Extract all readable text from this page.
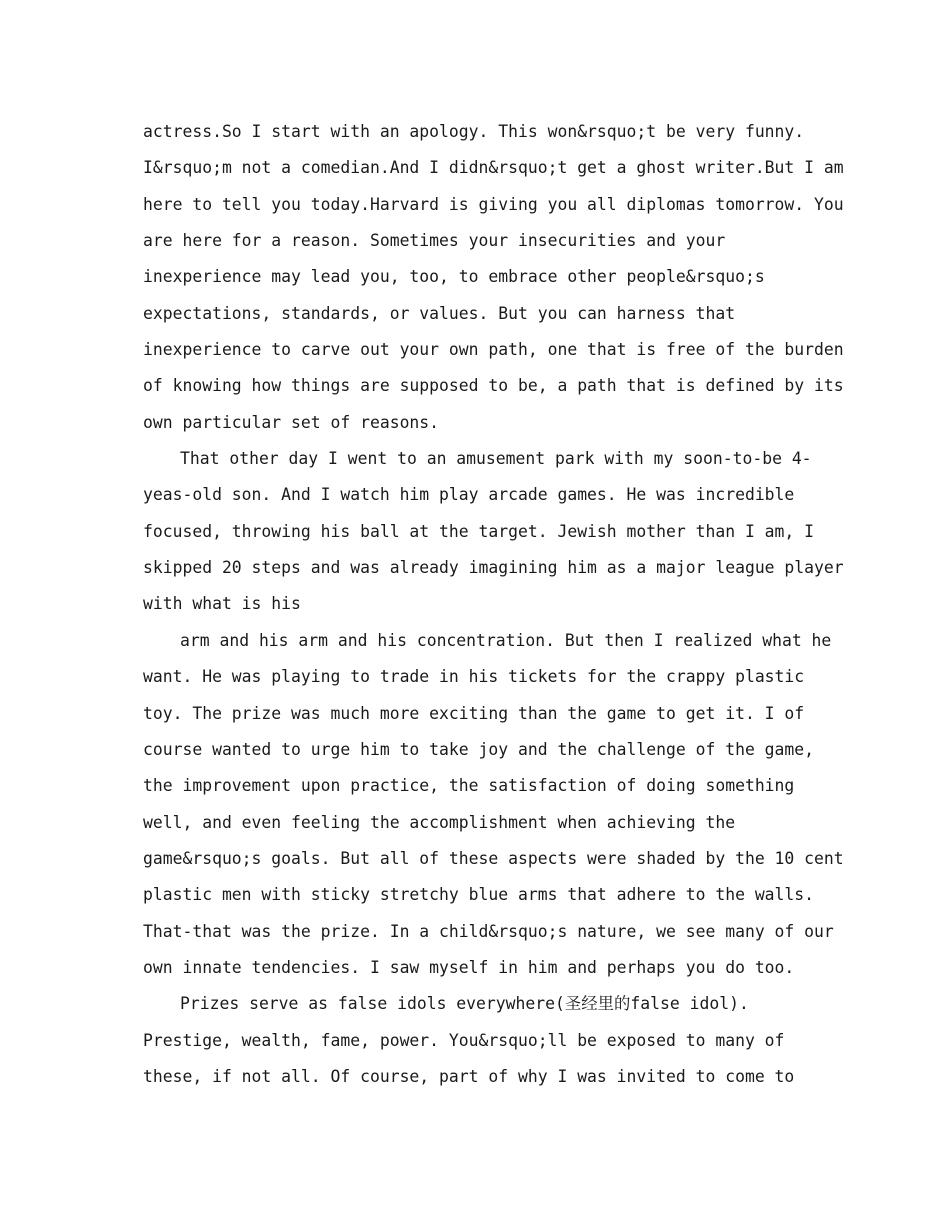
actress.So I start with an apology. This won&rsquo;t be very funny.
I&rsquo;m not a comedian.And I didn&rsquo;t get a ghost writer.But I am
here to tell you today.Harvard is giving you all diplomas tomorrow. You
are here for a reason. Sometimes your insecurities and your
inexperience may lead you, too, to embrace other people&rsquo;s
expectations, standards, or values. But you can harness that
inexperience to carve out your own path, one that is free of the burden
of knowing how things are supposed to be, a path that is defined by its
own particular set of reasons.
That other day I went to an amusement park with my soon-to-be 4-
yeas-old son. And I watch him play arcade games. He was incredible
focused, throwing his ball at the target. Jewish mother than I am, I
skipped 20 steps and was already imagining him as a major league player
with what is his
arm and his arm and his concentration. But then I realized what he
want. He was playing to trade in his tickets for the crappy plastic
toy. The prize was much more exciting than the game to get it. I of
course wanted to urge him to take joy and the challenge of the game,
the improvement upon practice, the satisfaction of doing something
well, and even feeling the accomplishment when achieving the
game&rsquo;s goals. But all of these aspects were shaded by the 10 cent
plastic men with sticky stretchy blue arms that adhere to the walls.
That-that was the prize. In a child&rsquo;s nature, we see many of our
own innate tendencies. I saw myself in him and perhaps you do too.
Prizes serve as false idols everywhere(圣经里的false idol).
Prestige, wealth, fame, power. You&rsquo;ll be exposed to many of
these, if not all. Of course, part of why I was invited to come to
